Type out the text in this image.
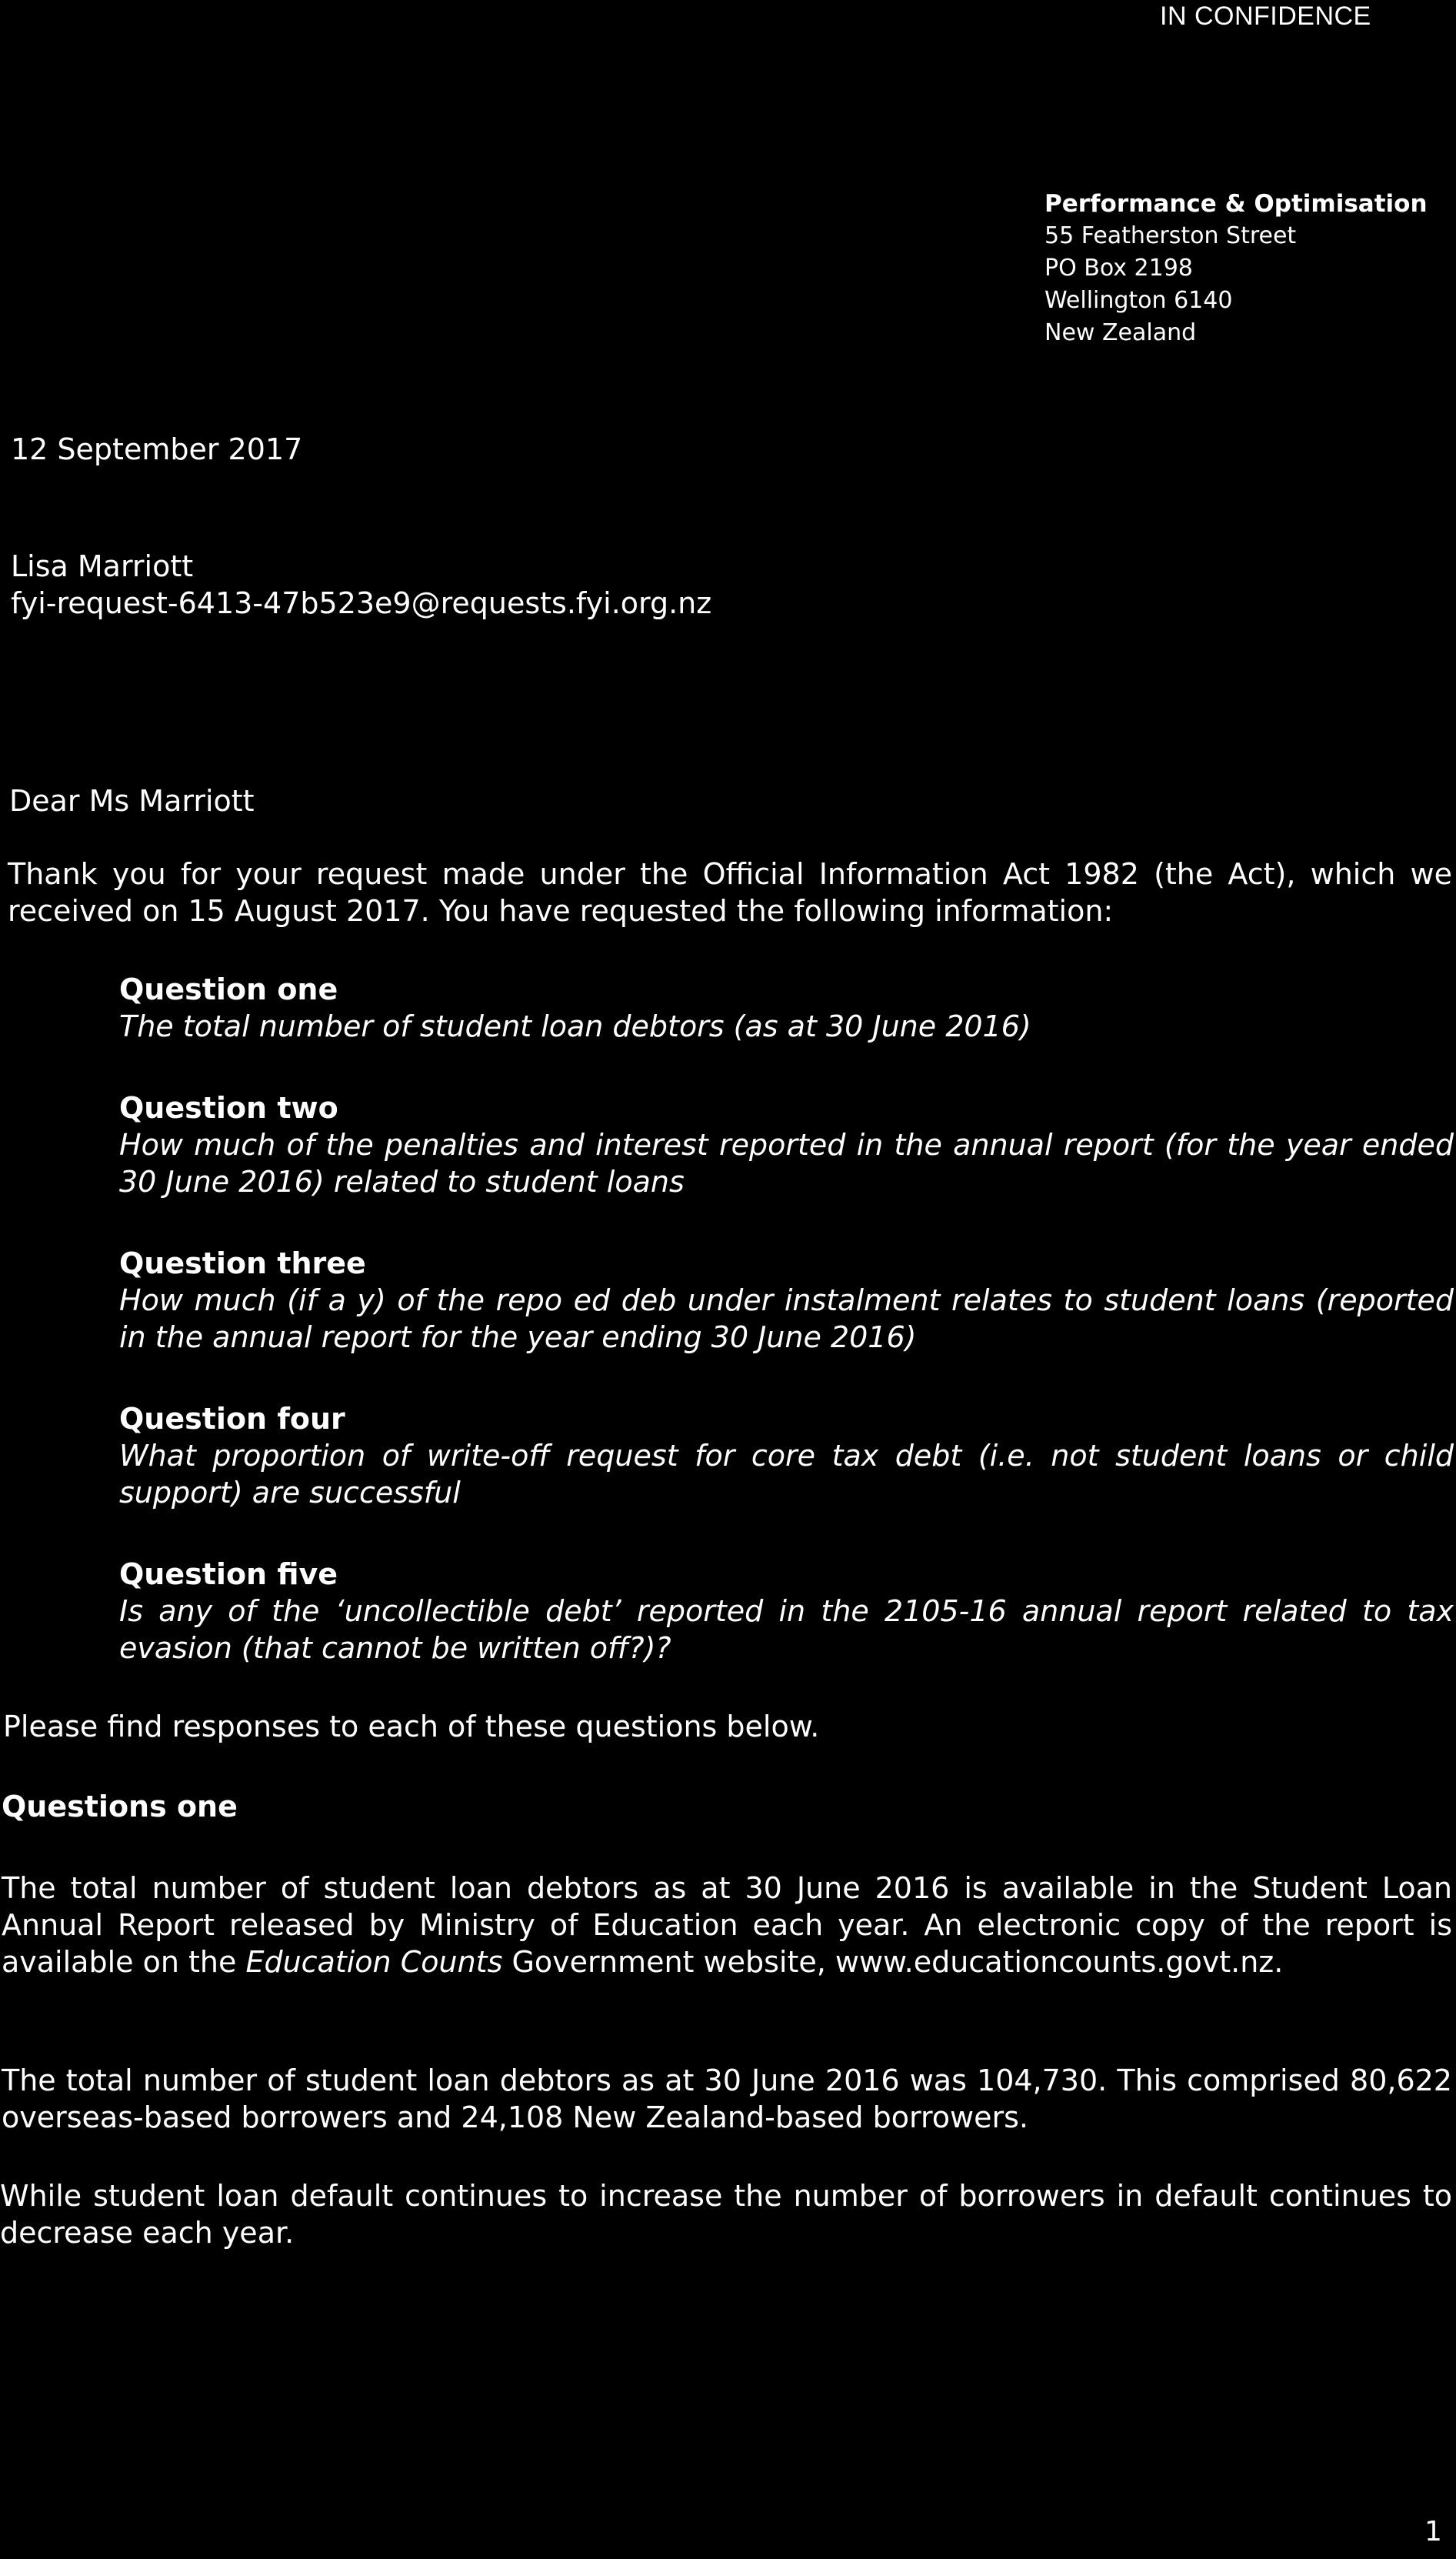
IN CONFIDENCE
Performance & Optimisation
55 Featherston Street
PO Box 2198
Wellington 6140
New Zealand
12 September 2017
Lisa Marriott
fyi-request-6413-47b523e9@requests.fyi.org.nz
Dear Ms Marriott
Thank you for your request made under the Official Information Act 1982 (the Act), which we received on 15 August 2017. You have requested the following information:
Question one
The total number of student loan debtors (as at 30 June 2016)
Question two
How much of the penalties and interest reported in the annual report (for the year ended 30 June 2016) related to student loans
Question three
How much (if a y) of the repo ed deb under instalment relates to student loans (reported in the annual report for the year ending 30 June 2016)
Question four
What proportion of write-off request for core tax debt (i.e. not student loans or child support) are successful
Question five
Is any of the ‘uncollectible debt’ reported in the 2105-16 annual report related to tax evasion (that cannot be written off?)?
Please find responses to each of these questions below.
Questions one
The total number of student loan debtors as at 30 June 2016 is available in the Student Loan Annual Report released by Ministry of Education each year. An electronic copy of the report is available on the Education Counts Government website, www.educationcounts.govt.nz.
The total number of student loan debtors as at 30 June 2016 was 104,730. This comprised 80,622 overseas-based borrowers and 24,108 New Zealand-based borrowers.
While student loan default continues to increase the number of borrowers in default continues to decrease each year.
1
